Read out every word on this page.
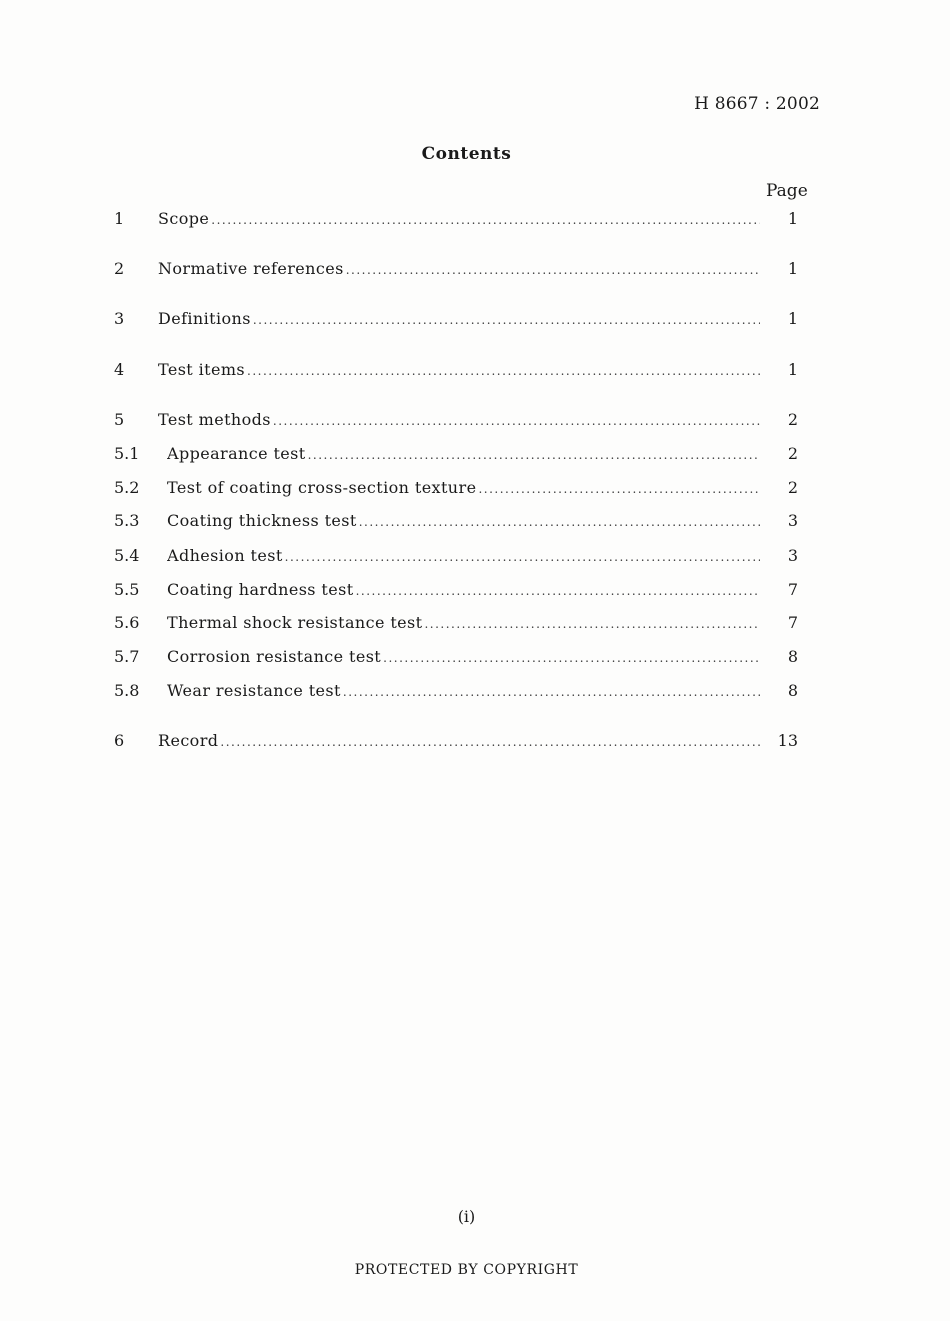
H 8667 : 2002
Contents
Page
1 Scope .....	1
2 Normative references .....	1
3 Definitions .....	1
4 Test items .....	1
5 Test methods .....	2
5.1 Appearance test .....	2
5.2 Test of coating cross-section texture .....	2
5.3 Coating thickness test .....	3
5.4 Adhesion test .....	3
5.5 Coating hardness test .....	7
5.6 Thermal shock resistance test .....	7
5.7 Corrosion resistance test .....	8
5.8 Wear resistance test .....	8
6 Record .....	13
(i)
PROTECTED BY COPYRIGHT
